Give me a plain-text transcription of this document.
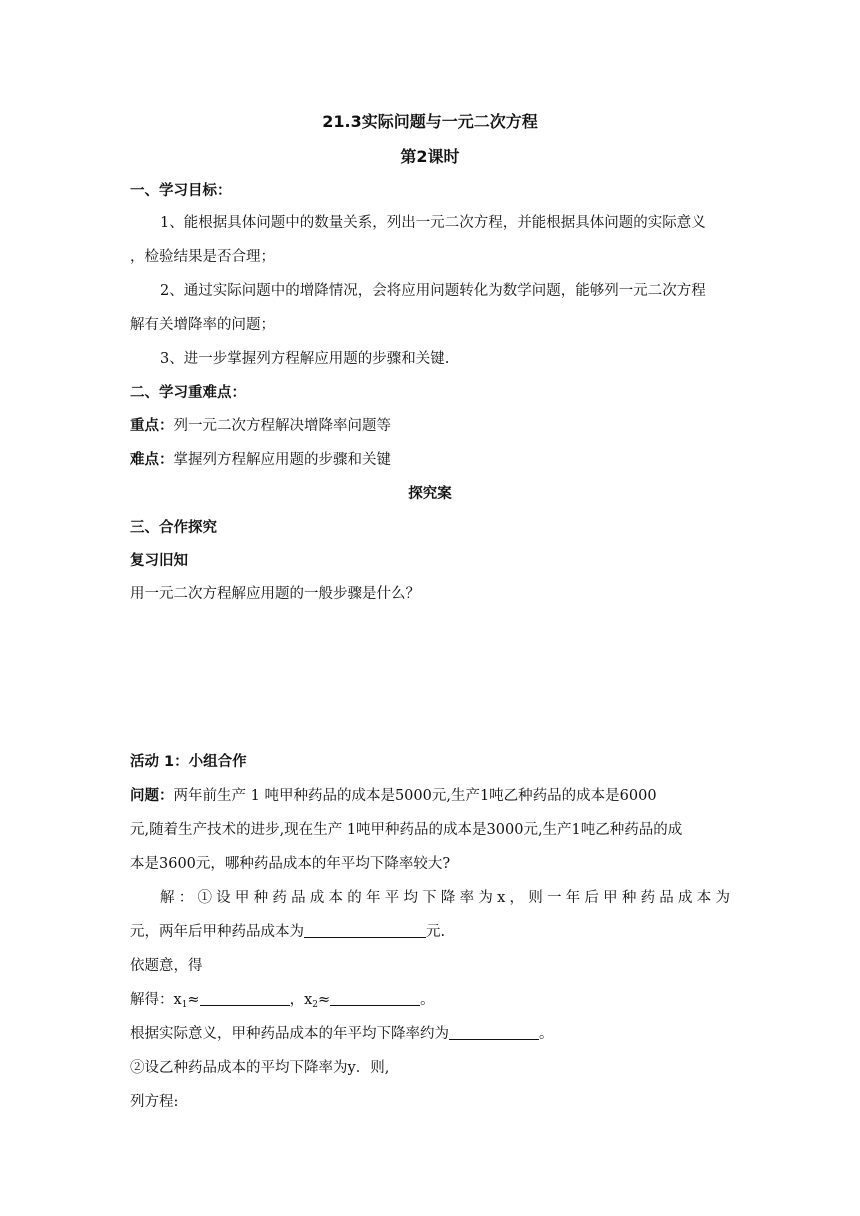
21.3实际问题与一元二次方程
第2课时
一、学习目标：
1、能根据具体问题中的数量关系，列出一元二次方程，并能根据具体问题的实际意义
，检验结果是否合理；
2、通过实际问题中的增降情况，会将应用问题转化为数学问题，能够列一元二次方程
解有关增降率的问题；
3、进一步掌握列方程解应用题的步骤和关键.
二、学习重难点：
重点：列一元二次方程解决增降率问题等
难点：掌握列方程解应用题的步骤和关键
探究案
三、合作探究
复习旧知
用一元二次方程解应用题的一般步骤是什么？
活动 1：小组合作
问题：两年前生产 1 吨甲种药品的成本是5000元,生产1吨乙种药品的成本是6000
元,随着生产技术的进步,现在生产 1吨甲种药品的成本是3000元,生产1吨乙种药品的成
本是3600元，哪种药品成本的年平均下降率较大?
解：①设甲种药品成本的年平均下降率为x，则一年后甲种药品成本为
元，两年后甲种药品成本为	元.
依题意，得
解得：$x_1\approx$	，$x_2\approx$	。
根据实际意义，甲种药品成本的年平均下降率约为	。
②设乙种药品成本的平均下降率为y．则,
列方程:
